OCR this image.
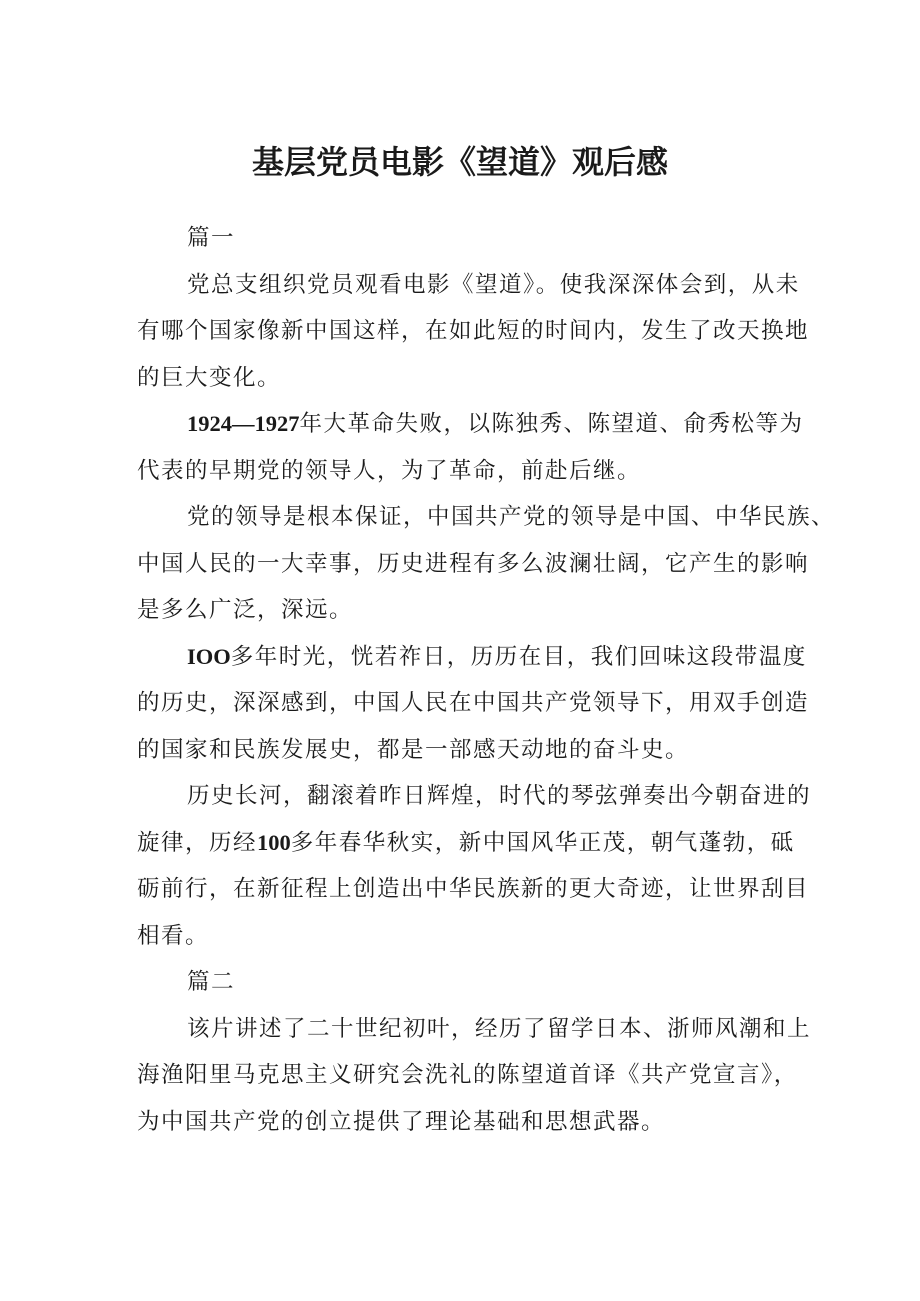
基层党员电影《望道》观后感
篇一
党总支组织党员观看电影《望道》。使我深深体会到，从未
有哪个国家像新中国这样，在如此短的时间内，发生了改天换地
的巨大变化。
1924—1927年大革命失败，以陈独秀、陈望道、俞秀松等为
代表的早期党的领导人，为了革命，前赴后继。
党的领导是根本保证，中国共产党的领导是中国、中华民族、
中国人民的一大幸事，历史进程有多么波澜壮阔，它产生的影响
是多么广泛，深远。
IOO多年时光，恍若祚日，历历在目，我们回味这段带温度
的历史，深深感到，中国人民在中国共产党领导下，用双手创造
的国家和民族发展史，都是一部感天动地的奋斗史。
历史长河，翻滚着昨日辉煌，时代的琴弦弹奏出今朝奋进的
旋律，历经100多年春华秋实，新中国风华正茂，朝气蓬勃，砥
砺前行，在新征程上创造出中华民族新的更大奇迹，让世界刮目
相看。
篇二
该片讲述了二十世纪初叶，经历了留学日本、浙师风潮和上
海渔阳里马克思主义研究会洗礼的陈望道首译《共产党宣言》，
为中国共产党的创立提供了理论基础和思想武器。
